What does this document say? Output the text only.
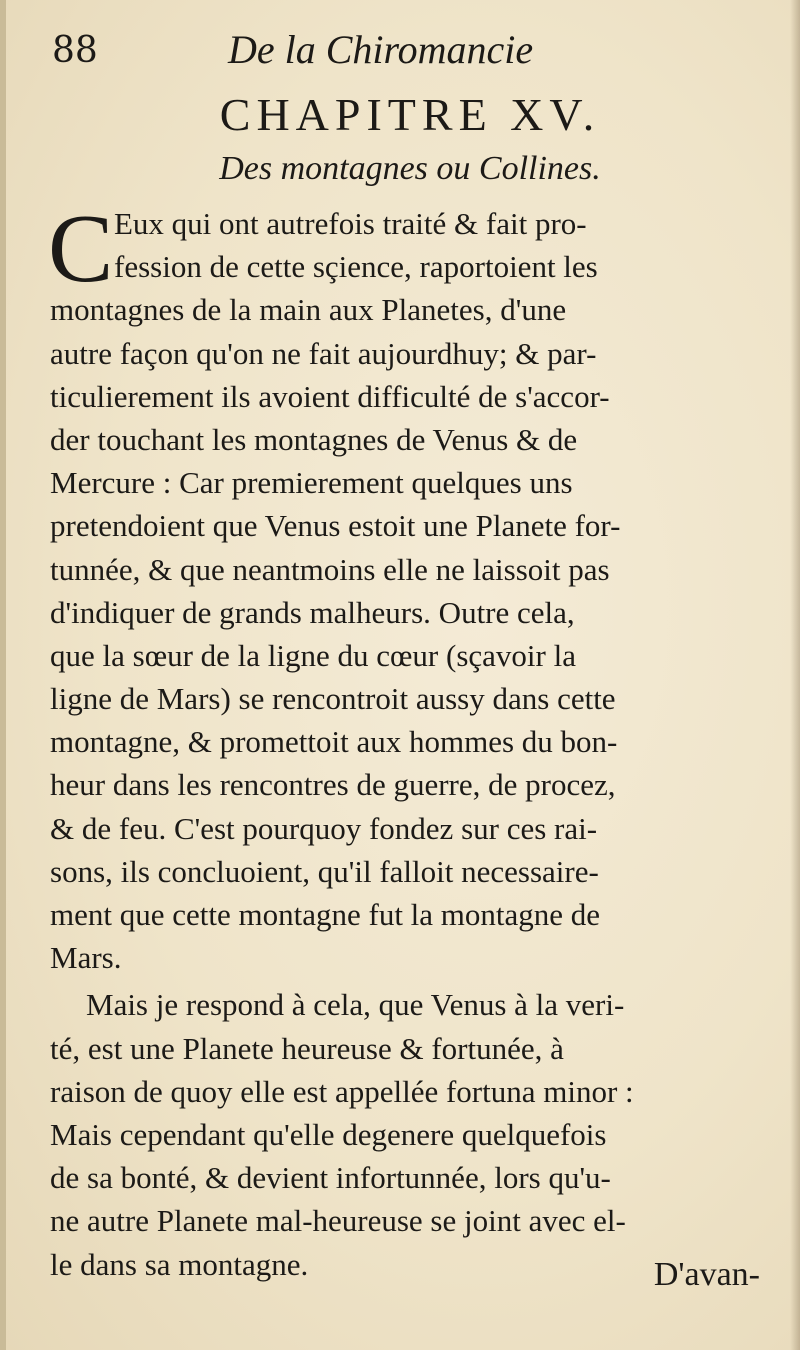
88	De la Chiromancie
CHAPITRE XV.
Des montagnes ou Collines.
C Eux qui ont autrefois traité & fait pro-
fession de cette sçience, raportoient les
montagnes de la main aux Planetes, d'une
autre façon qu'on ne fait aujourdhuy; & par-
ticulierement ils avoient difficulté de s'accor-
der touchant les montagnes de Venus & de
Mercure : Car premierement quelques uns
pretendoient que Venus estoit une Planete for-
tunnée, & que neantmoins elle ne laissoit pas
d'indiquer de grands malheurs. Outre cela,
que la sœur de la ligne du cœur (sçavoir la
ligne de Mars) se rencontroit aussy dans cette
montagne, & promettoit aux hommes du bon-
heur dans les rencontres de guerre, de procez,
& de feu. C'est pourquoy fondez sur ces rai-
sons, ils concluoient, qu'il falloit necessaire-
ment que cette montagne fut la montagne de
Mars.
Mais je respond à cela, que Venus à la veri-
té, est une Planete heureuse & fortunée, à
raison de quoy elle est appellée fortuna minor :
Mais cependant qu'elle degenere quelquefois
de sa bonté, & devient infortunnée, lors qu'u-
ne autre Planete mal-heureuse se joint avec el-
le dans sa montagne.	D'avan-
